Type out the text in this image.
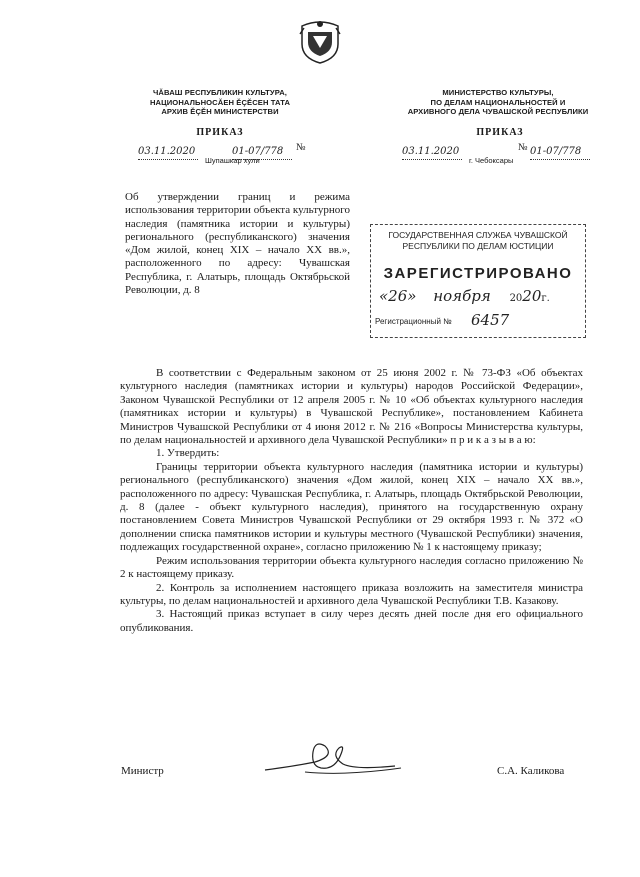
ЧĂВАШ РЕСПУБЛИКИН КУЛЬТУРА,
НАЦИОНАЛЬНОСĂЕН ĔÇĔСЕН ТАТА
АРХИВ ĔÇĔН МИНИСТЕРСТВИ
МИНИСТЕРСТВО КУЛЬТУРЫ,
ПО ДЕЛАМ НАЦИОНАЛЬНОСТЕЙ И
АРХИВНОГО ДЕЛА ЧУВАШСКОЙ РЕСПУБЛИКИ
ПРИКАЗ	ПРИКАЗ
03.11.2020	01-07/778	№
Шупашкар хули
03.11.2020	№ 01-07/778
г. Чебоксары
Об утверждении границ и режима использования территории объекта культурного наследия (памятника истории и культуры) регионального (республиканского) значения «Дом жилой, конец XIX – начало XX вв.», расположенного по адресу: Чувашская Республика, г. Алатырь, площадь Октябрьской Революции, д. 8
ГОСУДАРСТВЕННАЯ СЛУЖБА ЧУВАШСКОЙ
РЕСПУБЛИКИ ПО ДЕЛАМ ЮСТИЦИИ
ЗАРЕГИСТРИРОВАНО
«26» ноября 2020г.
Регистрационный № 6457

В соответствии с Федеральным законом от 25 июня 2002 г. № 73-ФЗ «Об объектах культурного наследия (памятниках истории и культуры) народов Российской Федерации», Законом Чувашской Республики от 12 апреля 2005 г. № 10 «Об объектах культурного наследия (памятниках истории и культуры) в Чувашской Республике», постановлением Кабинета Министров Чувашской Республики от 4 июня 2012 г. № 216 «Вопросы Министерства культуры, по делам национальностей и архивного дела Чувашской Республики» п р и к а з ы в а ю:

1. Утвердить:

Границы территории объекта культурного наследия (памятника истории и культуры) регионального (республиканского) значения «Дом жилой, конец XIX – начало XX вв.», расположенного по адресу: Чувашская Республика, г. Алатырь, площадь Октябрьской Революции, д. 8 (далее - объект культурного наследия), принятого на государственную охрану постановлением Совета Министров Чувашской Республики от 29 октября 1993 г. № 372 «О дополнении списка памятников истории и культуры местного (Чувашской Республики) значения, подлежащих государственной охране», согласно приложению № 1 к настоящему приказу;

Режим использования территории объекта культурного наследия согласно приложению № 2 к настоящему приказу.

2. Контроль за исполнением настоящего приказа возложить на заместителя министра культуры, по делам национальностей и архивного дела Чувашской Республики Т.В. Казакову.

3. Настоящий приказ вступает в силу через десять дней после дня его официального опубликования.

Министр	С.А. Каликова
